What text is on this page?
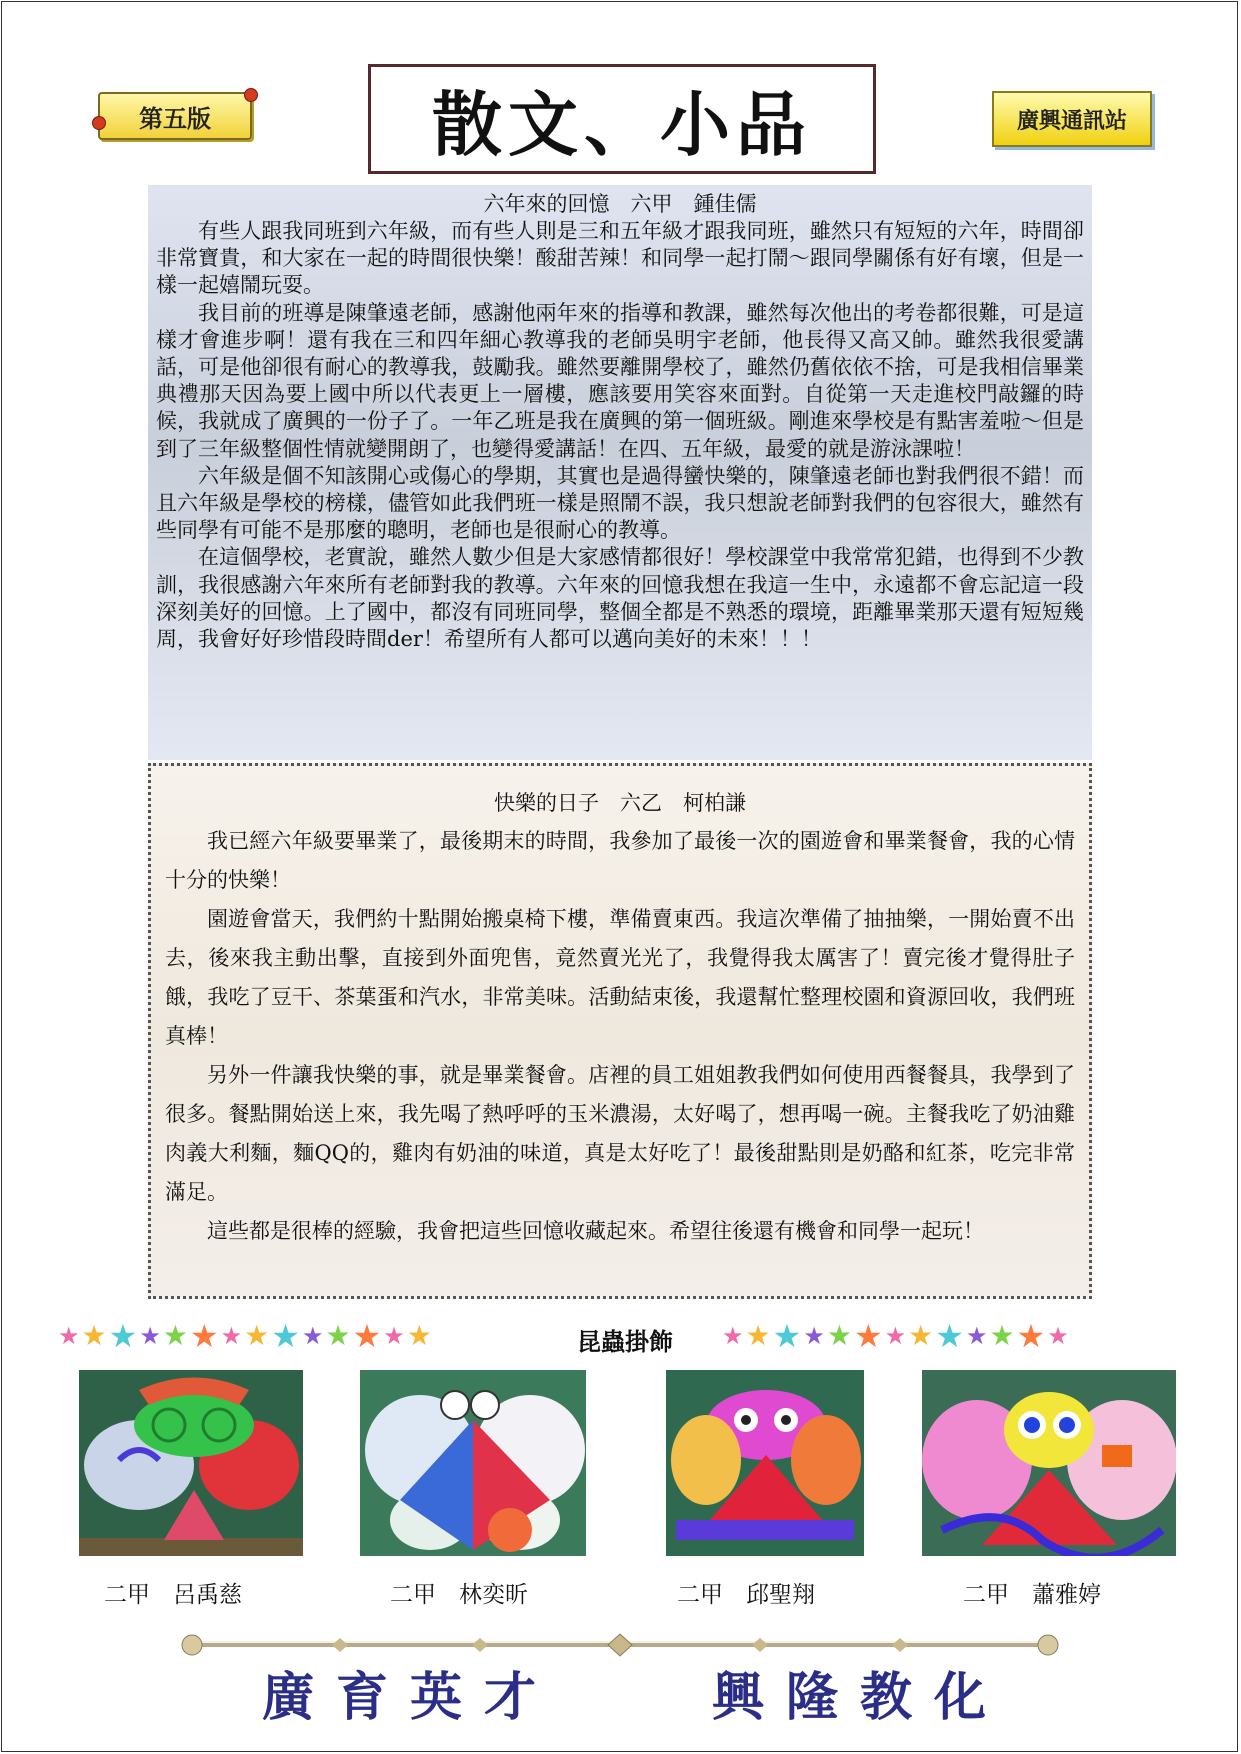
第五版	散文、小品	廣興通訊站
六年來的回憶　六甲　鍾佳儒

有些人跟我同班到六年級，而有些人則是三和五年級才跟我同班，雖然只有短短的六年，時間卻非常寶貴，和大家在一起的時間很快樂！酸甜苦辣！和同學一起打鬧～跟同學關係有好有壞，但是一樣一起嬉鬧玩耍。

我目前的班導是陳肇遠老師，感謝他兩年來的指導和教課，雖然每次他出的考卷都很難，可是這樣才會進步啊！還有我在三和四年細心教導我的老師吳明宇老師，他長得又高又帥。雖然我很愛講話，可是他卻很有耐心的教導我，鼓勵我。雖然要離開學校了，雖然仍舊依依不捨，可是我相信畢業典禮那天因為要上國中所以代表更上一層樓，應該要用笑容來面對。自從第一天走進校門敲鑼的時候，我就成了廣興的一份子了。一年乙班是我在廣興的第一個班級。剛進來學校是有點害羞啦～但是到了三年級整個性情就變開朗了，也變得愛講話！在四、五年級，最愛的就是游泳課啦！

六年級是個不知該開心或傷心的學期，其實也是過得蠻快樂的，陳肇遠老師也對我們很不錯！而且六年級是學校的榜樣，儘管如此我們班一樣是照鬧不誤，我只想說老師對我們的包容很大，雖然有些同學有可能不是那麼的聰明，老師也是很耐心的教導。

在這個學校，老實說，雖然人數少但是大家感情都很好！學校課堂中我常常犯錯，也得到不少教訓，我很感謝六年來所有老師對我的教導。六年來的回憶我想在我這一生中，永遠都不會忘記這一段深刻美好的回憶。上了國中，都沒有同班同學，整個全都是不熟悉的環境，距離畢業那天還有短短幾周，我會好好珍惜段時間der！希望所有人都可以邁向美好的未來！！！

快樂的日子　六乙　柯柏謙

我已經六年級要畢業了，最後期末的時間，我參加了最後一次的園遊會和畢業餐會，我的心情十分的快樂！

園遊會當天，我們約十點開始搬桌椅下樓，準備賣東西。我這次準備了抽抽樂，一開始賣不出去，後來我主動出擊，直接到外面兜售，竟然賣光光了，我覺得我太厲害了！賣完後才覺得肚子餓，我吃了豆干、茶葉蛋和汽水，非常美味。活動結束後，我還幫忙整理校園和資源回收，我們班真棒！

另外一件讓我快樂的事，就是畢業餐會。店裡的員工姐姐教我們如何使用西餐餐具，我學到了很多。餐點開始送上來，我先喝了熱呼呼的玉米濃湯，太好喝了，想再喝一碗。主餐我吃了奶油雞肉義大利麵，麵QQ的，雞肉有奶油的味道，真是太好吃了！最後甜點則是奶酪和紅茶，吃完非常滿足。

這些都是很棒的經驗，我會把這些回憶收藏起來。希望往後還有機會和同學一起玩！

★ ★ ★ ★ ★ ★ ★ ★ ★ ★ ★ ★ ★ ★	昆蟲掛飾	★ ★ ★ ★ ★ ★ ★ ★ ★ ★ ★ ★ ★
二甲　呂禹慈	二甲　林奕昕	二甲　邱聖翔	二甲　蕭雅婷
廣育英才	興隆教化
